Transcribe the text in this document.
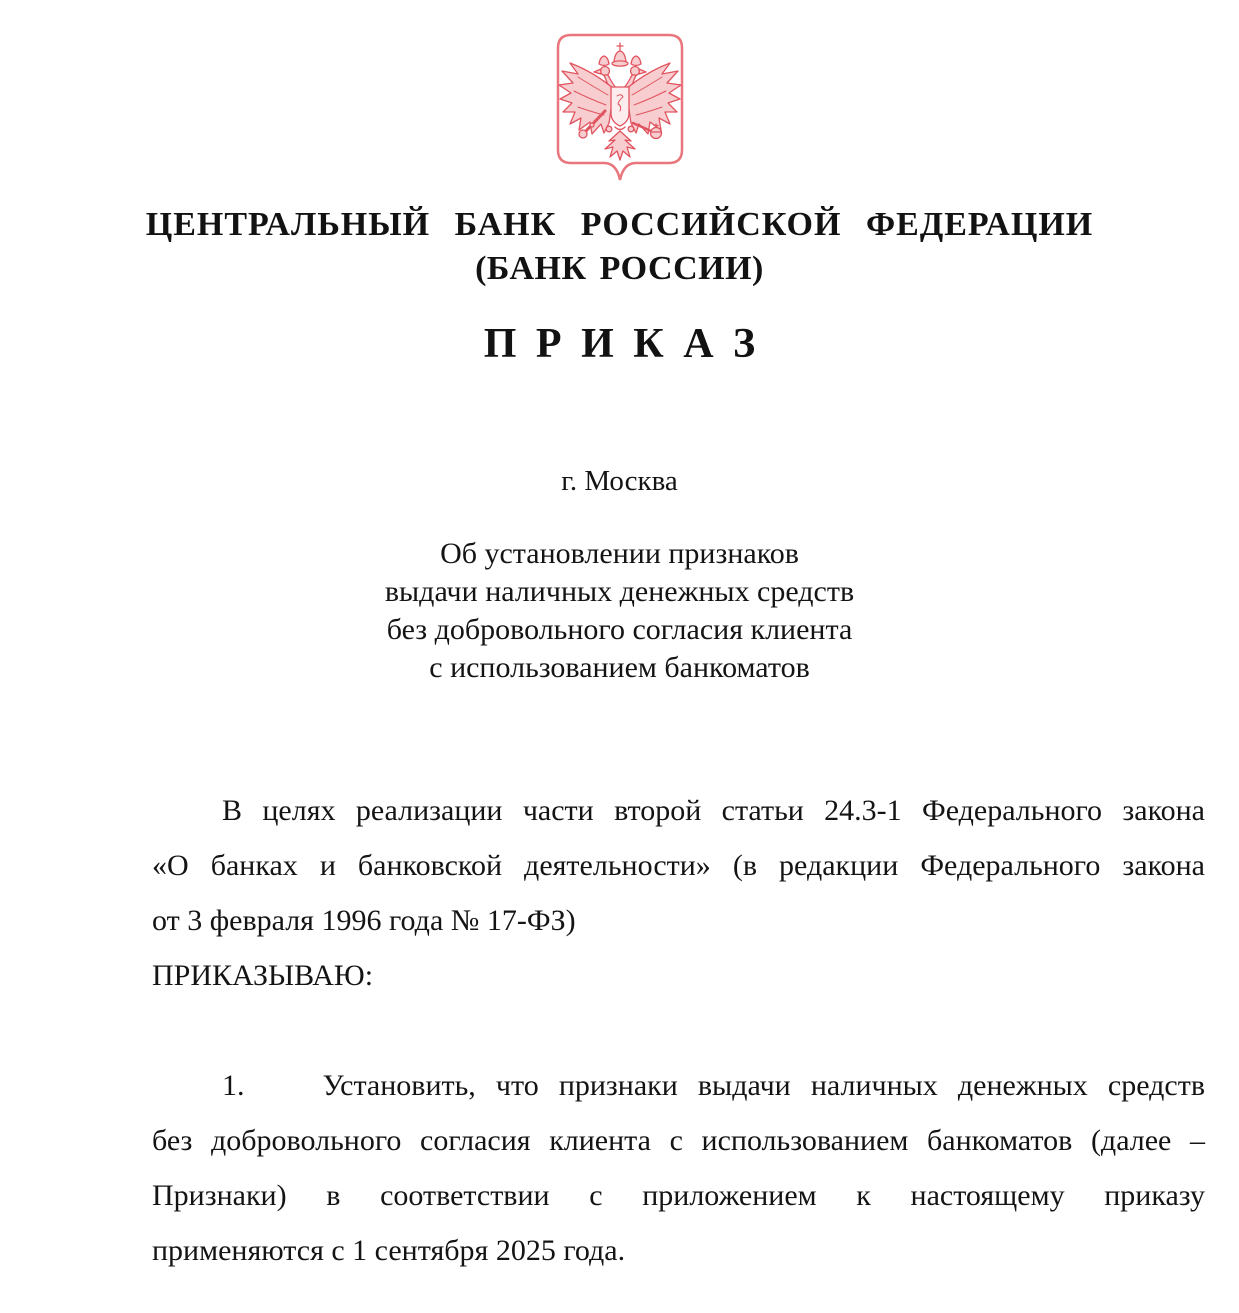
ЦЕНТРАЛЬНЫЙ БАНК РОССИЙСКОЙ ФЕДЕРАЦИИ
(БАНК РОССИИ)
П Р И К А З
г. Москва
Об установлении признаков
выдачи наличных денежных средств
без добровольного согласия клиента
с использованием банкоматов
В целях реализации части второй статьи 24.3-1 Федерального закона
«О банках и банковской деятельности» (в редакции Федерального закона
от 3 февраля 1996 года № 17-ФЗ)
ПРИКАЗЫВАЮ:
1.	Установить, что признаки выдачи наличных денежных средств
без добровольного согласия клиента с использованием банкоматов (далее –
Признаки) в соответствии с приложением к настоящему приказу
применяются с 1 сентября 2025 года.
